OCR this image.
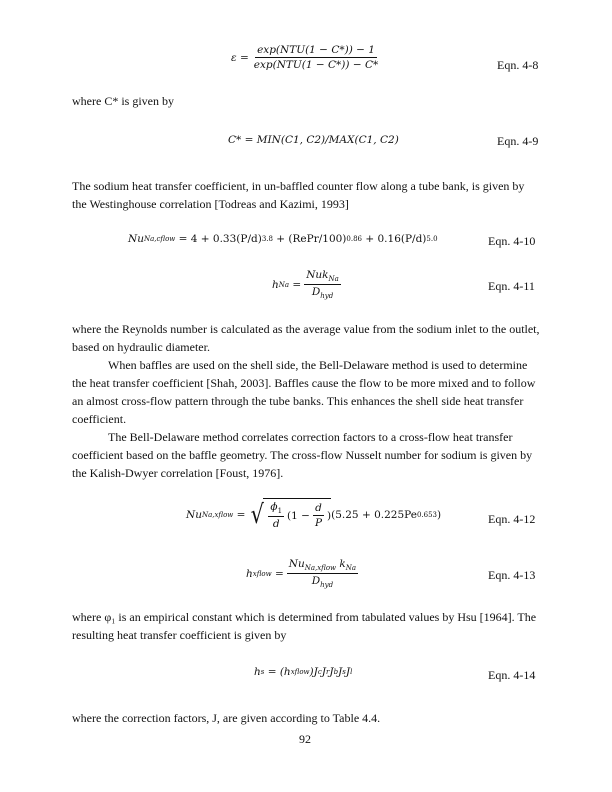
$\varepsilon = \frac{\text{exp(NTU(1 − C*)) − 1}}{\text{exp(NTU(1 − C*)) − C*}}$	Eqn. 4-8
where C* is given by
C* = MIN(C1, C2)/MAX(C1, C2)	Eqn. 4-9
The sodium heat transfer coefficient, in un-baffled counter flow along a tube bank, is given by
the Westinghouse correlation [Todreas and Kazimi, 1993]
Nu Na,cflow
= 4 + 0.33(P/d) 3.8
+ (RePr/100) 0.86
+ 0.16(P/d) 5.0	Eqn. 4-10
h Na
= $\frac{Nuk_{Na}}{D_{hyd}}$	Eqn. 4-11
where the Reynolds number is calculated as the average value from the sodium inlet to the outlet,
based on hydraulic diameter.
When baffles are used on the shell side, the Bell-Delaware method is used to determine
the heat transfer coefficient [Shah, 2003]. Baffles cause the flow to be more mixed and to follow
an almost cross-flow pattern through the tube banks. This enhances the shell side heat transfer
coefficient.
The Bell-Delaware method correlates correction factors to a cross-flow heat transfer
coefficient based on the baffle geometry. The cross-flow Nusselt number for sodium is given by
the Kalish-Dwyer correlation [Foust, 1976].
Nu Na,xflow
=
√ $\frac{\phi_1}{d} (1 - \frac{d}{P}$ ) (5.25 + 0.225Pe 0.653 )	Eqn. 4-12
h xflow
= $\frac{Nu_{Na,xflow} k_{Na}}{D_{hyd}}$	Eqn. 4-13
where φ₁ is an empirical constant which is determined from tabulated values by Hsu [1964]. The
resulting heat transfer coefficient is given by
h s
= (h xflow )J c J r J b J s J l	Eqn. 4-14
where the correction factors, J, are given according to Table 4.4.
92
